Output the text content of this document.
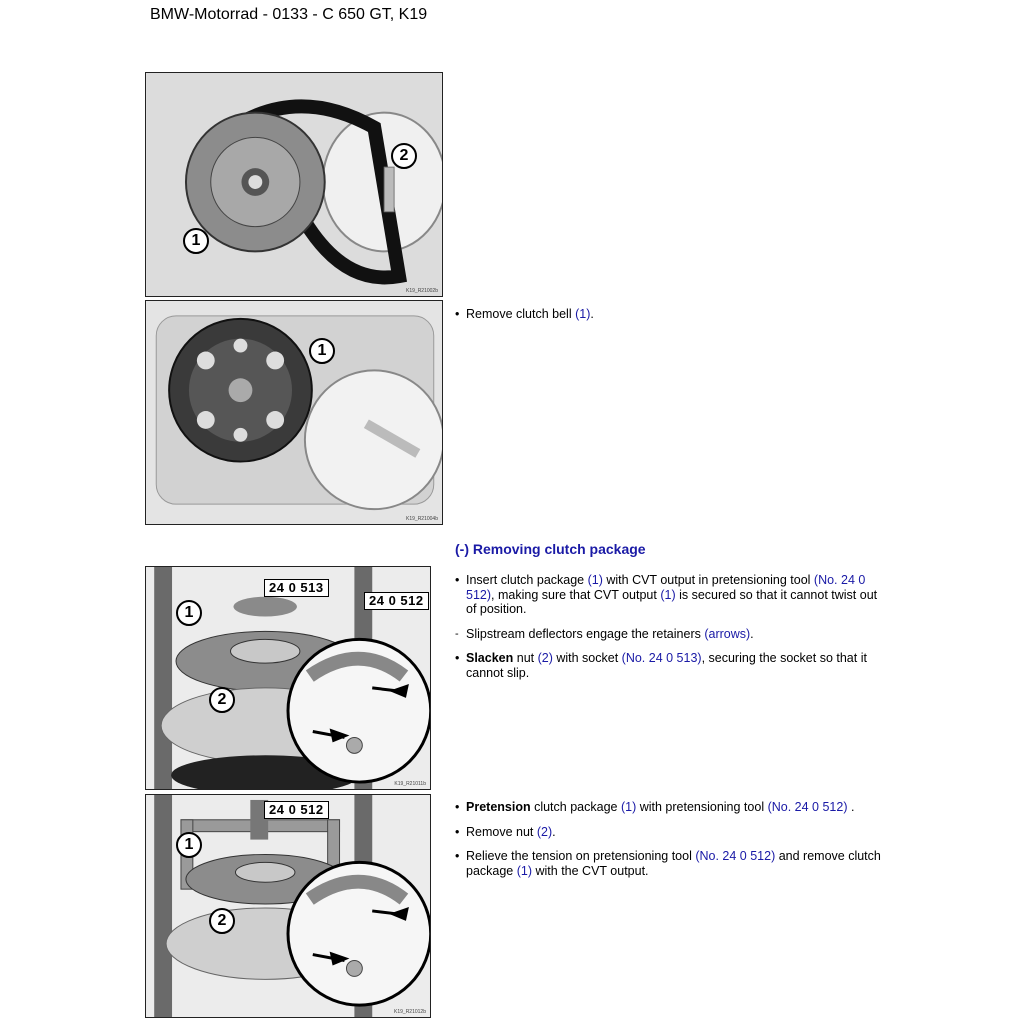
BMW-Motorrad - 0133 - C 650 GT, K19
1
2
K19_R21002b
1
K19_R21004b
24 0 513
24 0 512
1
2
K19_R21011b
24 0 512
1
2
K19_R21012b
• Remove clutch bell (1).
(-) Removing clutch package
• Insert clutch package (1) with CVT output in pretensioning tool (No. 24 0 512), making sure that CVT output (1) is secured so that it cannot twist out of position.
- Slipstream deflectors engage the retainers (arrows).
• Slacken nut (2) with socket (No. 24 0 513), securing the socket so that it cannot slip.
• Pretension clutch package (1) with pretensioning tool (No. 24 0 512) .
• Remove nut (2).
• Relieve the tension on pretensioning tool (No. 24 0 512) and remove clutch package (1) with the CVT output.
